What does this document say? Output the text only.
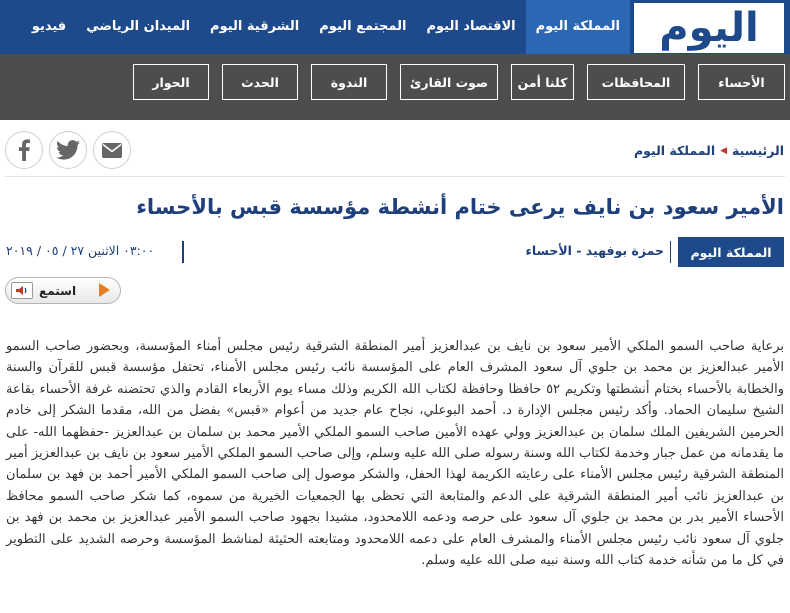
اليوم
المملكة اليوم
الاقتصاد اليوم
المجتمع اليوم
الشرقية اليوم
الميدان الرياضي
فيديو
الأحساء
المحافظات
كلنا أمن
صوت القارئ
الندوة
الحدث
الحوار
الرئيسية
◀
المملكة اليوم
الأمير سعود بن نايف يرعى ختام أنشطة مؤسسة قبس بالأحساء
المملكة اليوم
حمزة بوفهيد - الأحساء
٠٣:٠٠ الاثنين ٢٧ / ٠٥ / ٢٠١٩
استمع

برعاية صاحب السمو الملكي الأمير سعود بن نايف بن عبدالعزيز أمير المنطقة الشرقية رئيس مجلس أمناء المؤسسة، وبحضور صاحب السمو الأمير عبدالعزيز بن محمد بن جلوي آل سعود المشرف العام على المؤسسة نائب رئيس مجلس الأمناء، تحتفل مؤسسة قبس للقرآن والسنة والخطابة بالأحساء بختام أنشطتها وتكريم ٥٢ حافظا وحافظة لكتاب الله الكريم وذلك مساء يوم الأربعاء القادم والذي تحتضنه غرفة الأحساء بقاعة الشيخ سليمان الحماد. وأكد رئيس مجلس الإدارة د. أحمد البوعلي، نجاح عام جديد من أعوام «قبس» بفضل من الله، مقدما الشكر إلى خادم الحرمين الشريفين الملك سلمان بن عبدالعزيز وولي عهده الأمين صاحب السمو الملكي الأمير محمد بن سلمان بن عبدالعزيز -حفظهما الله- على ما يقدمانه من عمل جبار وخدمة لكتاب الله وسنة رسوله صلى الله عليه وسلم، وإلى صاحب السمو الملكي الأمير سعود بن نايف بن عبدالعزيز أمير المنطقة الشرقية رئيس مجلس الأمناء على رعايته الكريمة لهذا الحفل، والشكر موصول إلى صاحب السمو الملكي الأمير أحمد بن فهد بن سلمان بن عبدالعزيز نائب أمير المنطقة الشرقية على الدعم والمتابعة التي تحظى بها الجمعيات الخيرية من سموه، كما شكر صاحب السمو محافظ الأحساء الأمير بدر بن محمد بن جلوي آل سعود على حرصه ودعمه اللامحدود، مشيدا بجهود صاحب السمو الأمير عبدالعزيز بن محمد بن فهد بن جلوي آل سعود نائب رئيس مجلس الأمناء والمشرف العام على دعمه اللامحدود ومتابعته الحثيثة لمناشط المؤسسة وحرصه الشديد على التطوير في كل ما من شأنه خدمة كتاب الله وسنة نبيه صلى الله عليه وسلم.
